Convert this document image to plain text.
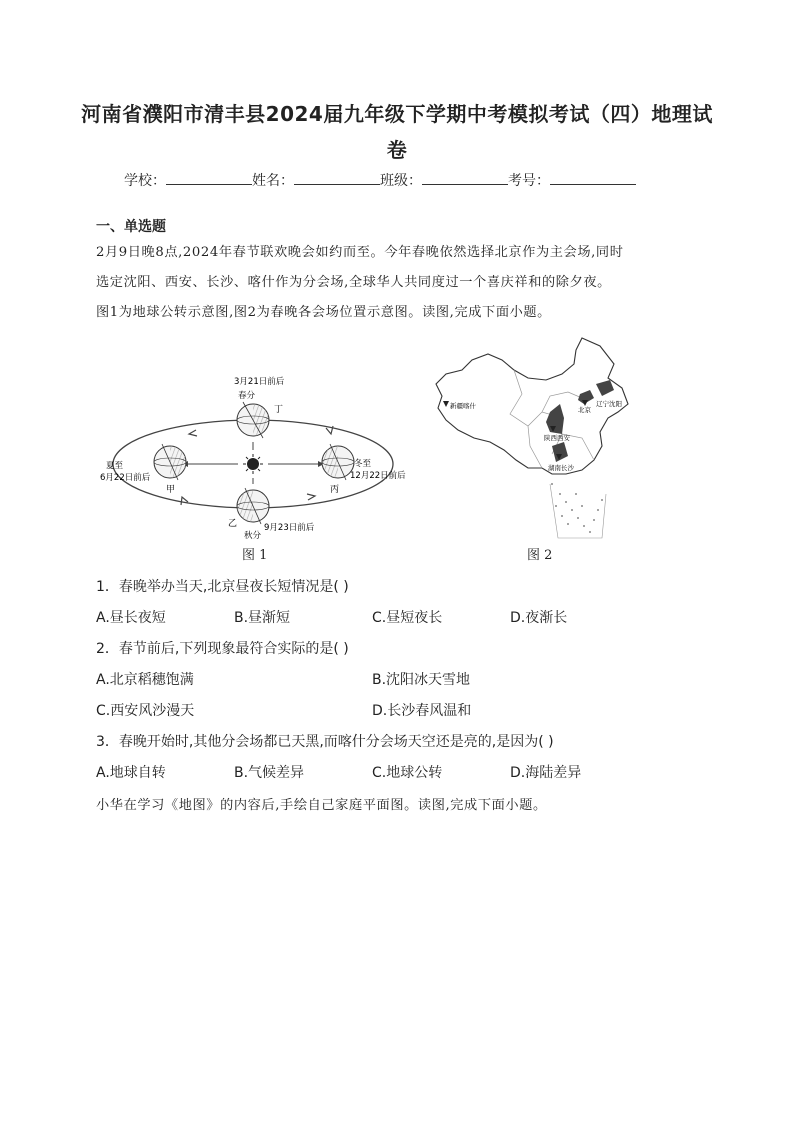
河南省濮阳市清丰县2024届九年级下学期中考模拟考试（四）地理试
卷
学校：	姓名：	班级：	考号：
一、单选题
2月9日晚8点,2024年春节联欢晚会如约而至。今年春晚依然选择北京作为主会场,同时
选定沈阳、西安、长沙、喀什作为分会场,全球华人共同度过一个喜庆祥和的除夕夜。
图1为地球公转示意图,图2为春晚各会场位置示意图。读图,完成下面小题。
3月21日前后
春分
丁
夏至
6月22日前后
甲
冬至
12月22日前后
丙
乙	9月23日前后
秋分
图 1
新疆喀什	北京
辽宁沈阳
陕西西安
湖南长沙
图 2
1．春晚举办当天,北京昼夜长短情况是( )
A.昼长夜短	B.昼渐短	C.昼短夜长	D.夜渐长
2．春节前后,下列现象最符合实际的是( )
A.北京稻穗饱满	B.沈阳冰天雪地
C.西安风沙漫天	D.长沙春风温和
3．春晚开始时,其他分会场都已天黑,而喀什分会场天空还是亮的,是因为( )
A.地球自转	B.气候差异	C.地球公转	D.海陆差异
小华在学习《地图》的内容后,手绘自己家庭平面图。读图,完成下面小题。
